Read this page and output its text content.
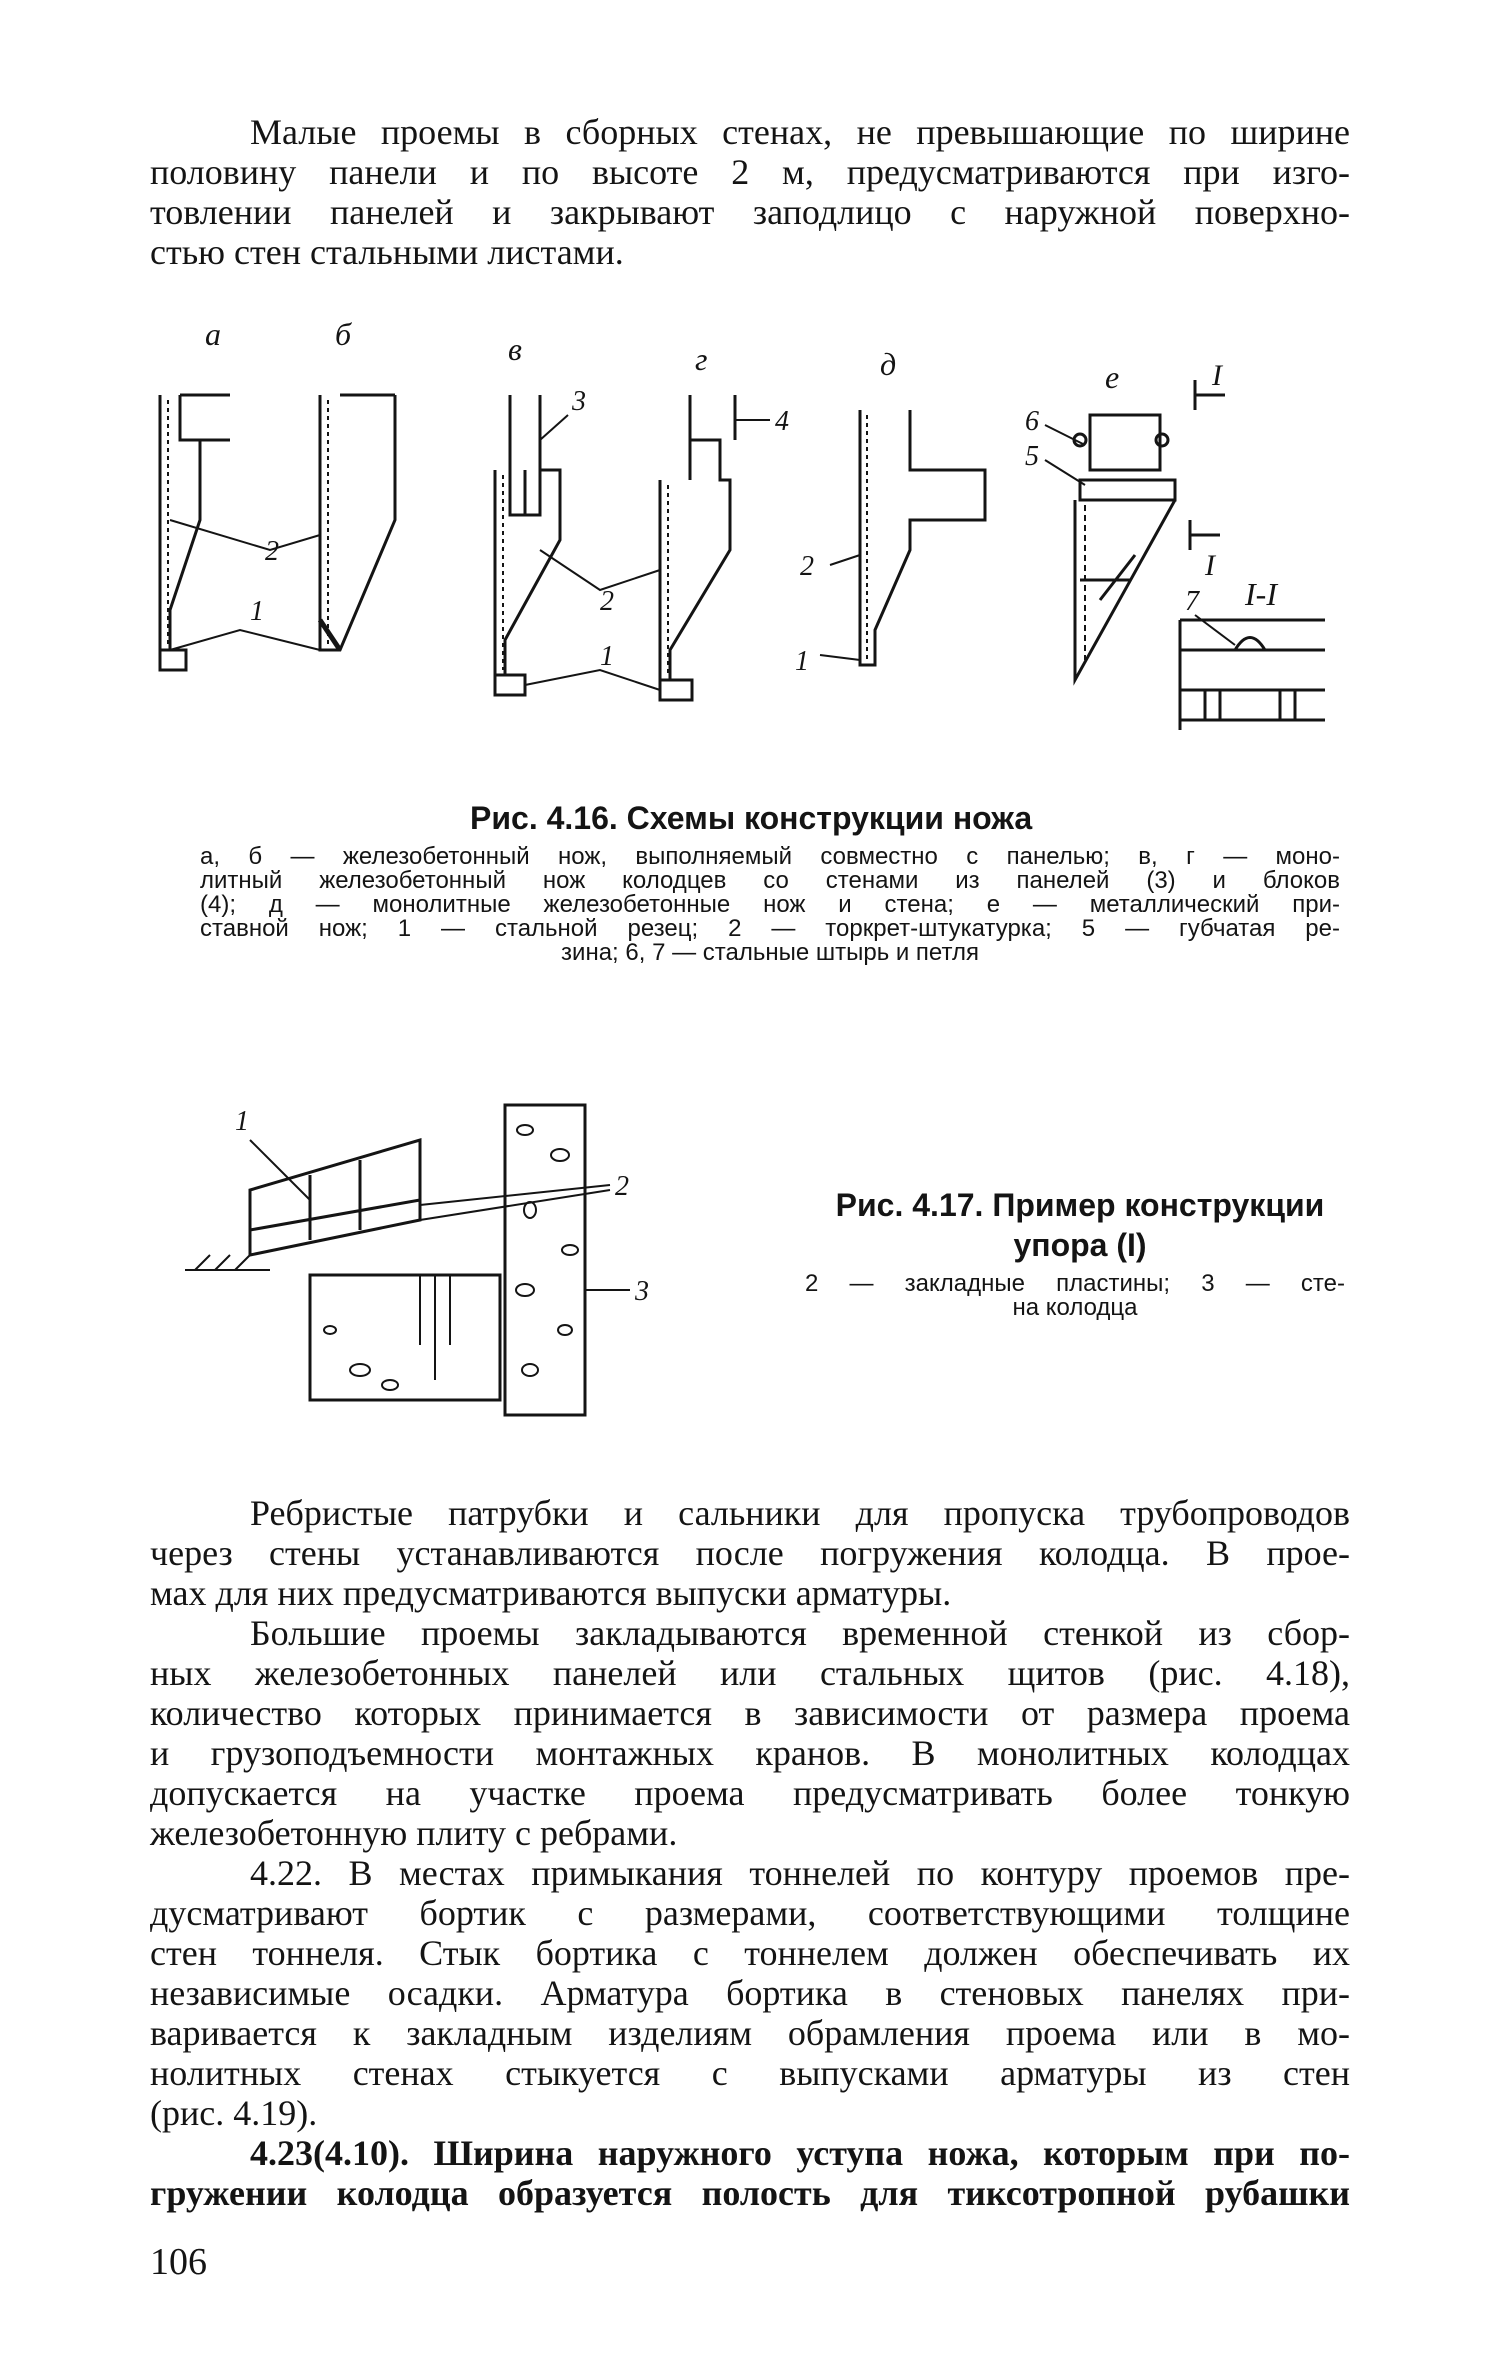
Малые проемы в сборных стенах, не превышающие по ширине
половину панели и по высоте 2 м, предусматриваются при изго-
товлении панелей и закрывают заподлицо с наружной поверхно-
стью стен стальными листами.
а	б	в	г	д	е
2
1
3
4
2
1
2
1
6
5
I
I
I-I
7
Рис. 4.16. Схемы конструкции ножа
а, б — железобетонный нож, выполняемый совместно с панелью; в, г — моно-
литный железобетонный нож колодцев со стенами из панелей (3) и блоков
(4); д — монолитные железобетонные нож и стена; е — металлический при-
ставной нож; 1 — стальной резец; 2 — торкрет-штукатурка; 5 — губчатая ре-
зина; 6, 7 — стальные штырь и петля
1
2
3
Рис. 4.17. Пример конструкции
упора (I)
2 — закладные пластины; 3 — сте-
на колодца
Ребристые патрубки и сальники для пропуска трубопроводов
через стены устанавливаются после погружения колодца. В прое-
мах для них предусматриваются выпуски арматуры.
Большие проемы закладываются временной стенкой из сбор-
ных железобетонных панелей или стальных щитов (рис. 4.18),
количество которых принимается в зависимости от размера проема
и грузоподъемности монтажных кранов. В монолитных колодцах
допускается на участке проема предусматривать более тонкую
железобетонную плиту с ребрами.
4.22. В местах примыкания тоннелей по контуру проемов пре-
дусматривают бортик с размерами, соответствующими толщине
стен тоннеля. Стык бортика с тоннелем должен обеспечивать их
независимые осадки. Арматура бортика в стеновых панелях при-
варивается к закладным изделиям обрамления проема или в мо-
нолитных стенах стыкуется с выпусками арматуры из стен
(рис. 4.19).
4.23(4.10). Ширина наружного уступа ножа, которым при по-
гружении колодца образуется полость для тиксотропной рубашки
106
